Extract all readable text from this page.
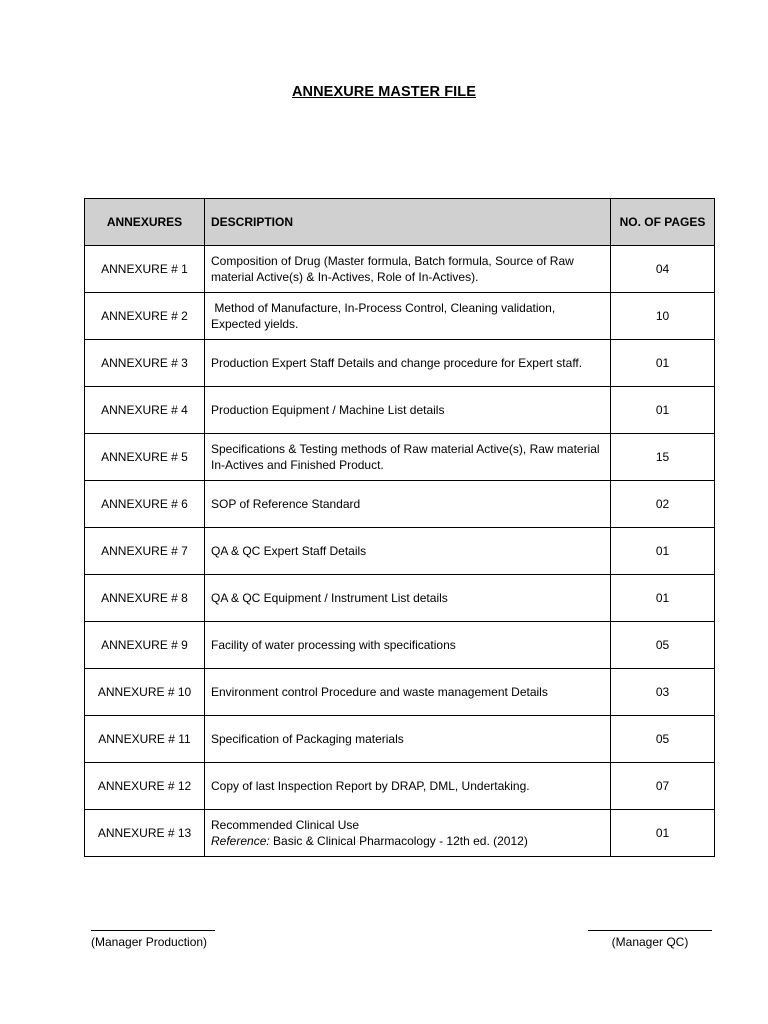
ANNEXURE MASTER FILE
ANNEXURES	DESCRIPTION	NO. OF PAGES
ANNEXURE # 1	Composition of Drug (Master formula, Batch formula, Source of Raw material Active(s) & In-Actives, Role of In-Actives).	04
ANNEXURE # 2	Method of Manufacture, In-Process Control, Cleaning validation, Expected yields.	10
ANNEXURE # 3	Production Expert Staff Details and change procedure for Expert staff.	01
ANNEXURE # 4	Production Equipment / Machine List details	01
ANNEXURE # 5	Specifications & Testing methods of Raw material Active(s), Raw material In-Actives and Finished Product.	15
ANNEXURE # 6	SOP of Reference Standard	02
ANNEXURE # 7	QA & QC Expert Staff Details	01
ANNEXURE # 8	QA & QC Equipment / Instrument List details	01
ANNEXURE # 9	Facility of water processing with specifications	05
ANNEXURE # 10	Environment control Procedure and waste management Details	03
ANNEXURE # 11	Specification of Packaging materials	05
ANNEXURE # 12	Copy of last Inspection Report by DRAP, DML, Undertaking.	07
ANNEXURE # 13	Recommended Clinical Use
Reference: Basic & Clinical Pharmacology - 12th ed. (2012)	01
(Manager Production)	(Manager QC)
